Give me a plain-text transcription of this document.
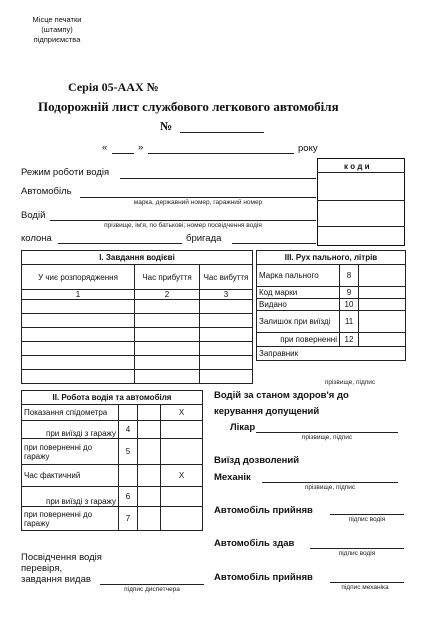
Місце печатки
(штампу)
підприємства
Серія 05-ААХ №
Подорожній лист службового легкового автомобіля
№
«	»	року
к о д и
Режим роботи водія
Автомобіль
марка, державний номер, гаражний номер
Водій
прізвище, ім'я, по батькові; номер посвідчення водія
колона	бригада
І. Завдання водієві		
У чиє розпорядження	Час прибуття	Час вибуття
1	2	3

ІІІ. Рух пального, літрів		
Марка пального	8	
Код марки	9	
Видано	10	
Залишок при виїзді	11	
при поверненні	12	
Заправник		
прізвище, підпис
ІІ. Робота водія та автомобіля			
Показання спідометра			X
при виїзді з гаражу	4		
при поверненні до гаражу	5		
Час фактичний			X
при виїзді з гаражу	6		
при поверненні до гаражу	7		
Посвідчення водія
перевіря,
завдання видав
підпис диспетчера
Водій за станом здоров'я до
керування допущений
Лікар
прізвище, підпис
Виїзд дозволений
Механік
прізвище, підпис
Автомобіль прийняв
підпис водія
Автомобіль здав
підпис водія
Автомобіль прийняв
підпис механіка
